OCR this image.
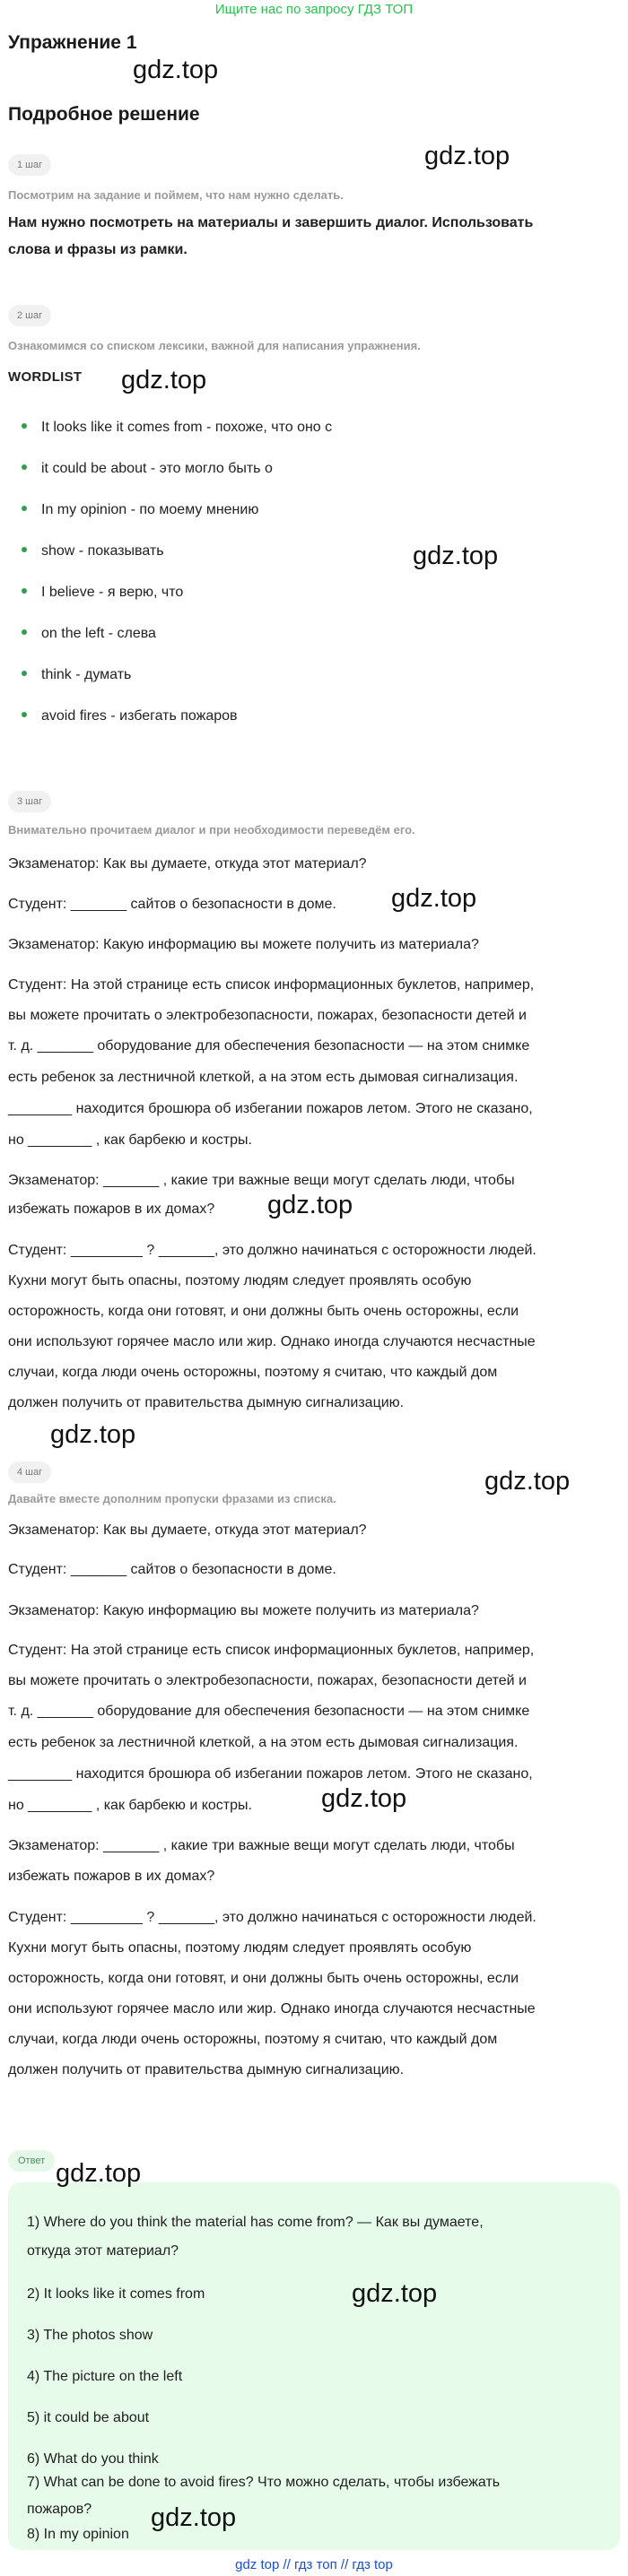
Ищите нас по запросу ГДЗ ТОП
Упражнение 1
gdz.top
Подробное решение
gdz.top
1 шаг
Посмотрим на задание и поймем, что нам нужно сделать.
Нам нужно посмотреть на материалы и завершить диалог. Использовать
слова и фразы из рамки.
2 шаг
Ознакомимся со списком лексики, важной для написания упражнения.
WORDLIST gdz.top
It looks like it comes from - похоже, что оно с
it could be about - это могло быть о
In my opinion - по моему мнению
show - показывать	gdz.top
I believe - я верю, что
on the left - слева
think - думать
avoid fires - избегать пожаров
3 шаг
Внимательно прочитаем диалог и при необходимости переведём его.
Экзаменатор: Как вы думаете, откуда этот материал?
Студент: _______ сайтов о безопасности в доме. gdz.top
Экзаменатор: Какую информацию вы можете получить из материала?
Студент: На этой странице есть список информационных буклетов, например,
вы можете прочитать о электробезопасности, пожарах, безопасности детей и
т. д. _______ оборудование для обеспечения безопасности — на этом снимке
есть ребенок за лестничной клеткой, а на этом есть дымовая сигнализация.
________ находится брошюра об избегании пожаров летом. Этого не сказано,
но ________ , как барбекю и костры.
Экзаменатор: _______ , какие три важные вещи могут сделать люди, чтобы
избежать пожаров в их домах? gdz.top
Студент: _________ ? _______, это должно начинаться с осторожности людей.
Кухни могут быть опасны, поэтому людям следует проявлять особую
осторожность, когда они готовят, и они должны быть очень осторожны, если
они используют горячее масло или жир. Однако иногда случаются несчастные
случаи, когда люди очень осторожны, поэтому я считаю, что каждый дом
должен получить от правительства дымную сигнализацию.
gdz.top
4 шаг	gdz.top
Давайте вместе дополним пропуски фразами из списка.
Экзаменатор: Как вы думаете, откуда этот материал?
Студент: _______ сайтов о безопасности в доме.
Экзаменатор: Какую информацию вы можете получить из материала?
Студент: На этой странице есть список информационных буклетов, например,
вы можете прочитать о электробезопасности, пожарах, безопасности детей и
т. д. _______ оборудование для обеспечения безопасности — на этом снимке
есть ребенок за лестничной клеткой, а на этом есть дымовая сигнализация.
________ находится брошюра об избегании пожаров летом. Этого не сказано,
но ________ , как барбекю и костры.	gdz.top
Экзаменатор: _______ , какие три важные вещи могут сделать люди, чтобы
избежать пожаров в их домах?
Студент: _________ ? _______, это должно начинаться с осторожности людей.
Кухни могут быть опасны, поэтому людям следует проявлять особую
осторожность, когда они готовят, и они должны быть очень осторожны, если
они используют горячее масло или жир. Однако иногда случаются несчастные
случаи, когда люди очень осторожны, поэтому я считаю, что каждый дом
должен получить от правительства дымную сигнализацию.
Ответ gdz.top
1) Where do you think the material has come from? — Как вы думаете,
откуда этот материал?
2) It looks like it comes from	gdz.top
3) The photos show
4) The picture on the left
5) it could be about
6) What do you think
7) What can be done to avoid fires? Что можно сделать, чтобы избежать
пожаров? gdz.top
gdz top // гдз топ // гдз top
8) In my opinion
